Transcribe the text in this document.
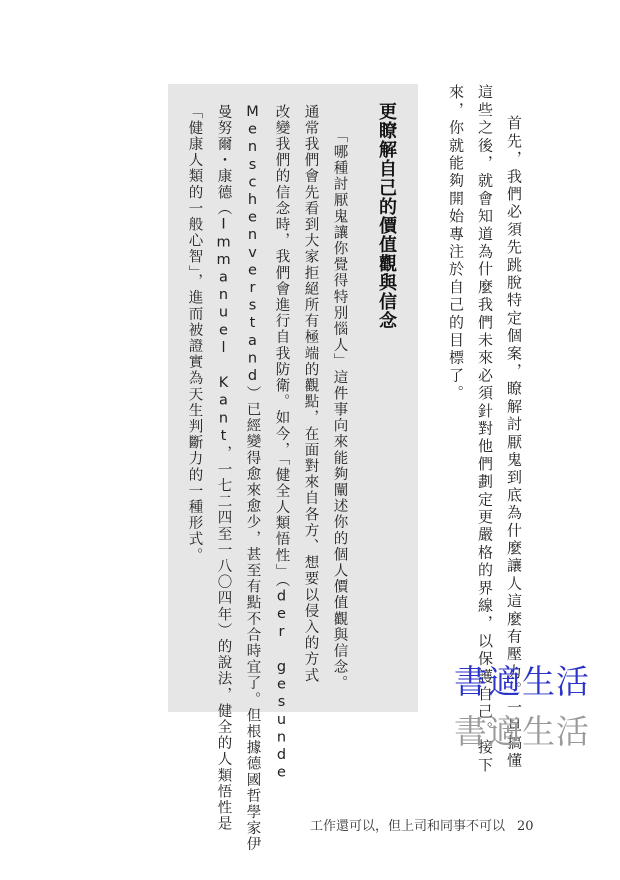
首先，我們必須先跳脫特定個案，瞭解討厭鬼到底為什麼讓人這麼有壓力。一旦搞懂

這些之後，就會知道為什麼我們未來必須針對他們劃定更嚴格的界線，以保護自己。接下

來，你就能夠開始專注於自己的目標了。

更瞭解自己的價值觀與信念

「哪種討厭鬼讓你覺得特別惱人」這件事向來能夠闡述你的個人價值觀與信念。

通常我們會先看到大家拒絕所有極端的觀點，在面對來自各方、想要以侵入的方式

改變我們的信念時，我們會進行自我防衛。如今，「健全人類悟性」（der gesunde

Menschenverstand）已經變得愈來愈少，甚至有點不合時宜了。但根據德國哲學家伊

曼努爾・康德（Immanuel Kant，一七二四至一八〇四年）的說法，健全的人類悟性是

「健康人類的一般心智」，進而被證實為天生判斷力的一種形式。

書適生活
書適生活
工作還可以，但上司和同事不可以 20
